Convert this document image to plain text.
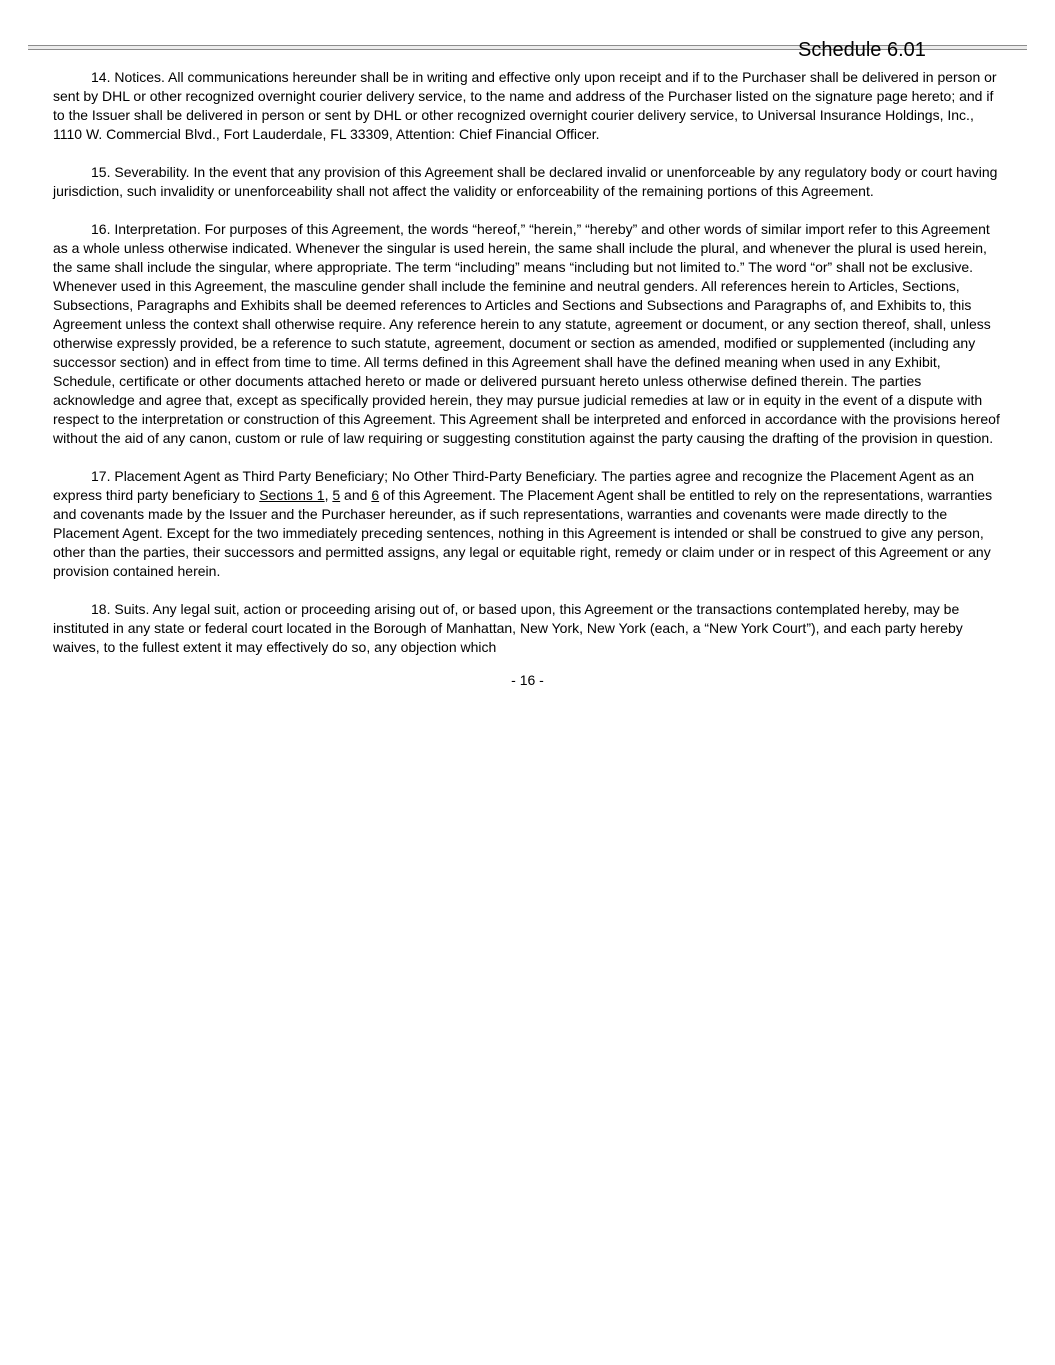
Schedule 6.01

14. Notices. All communications hereunder shall be in writing and effective only upon receipt and if to the Purchaser shall be delivered in person or sent by DHL or other recognized overnight courier delivery service, to the name and address of the Purchaser listed on the signature page hereto; and if to the Issuer shall be delivered in person or sent by DHL or other recognized overnight courier delivery service, to Universal Insurance Holdings, Inc., 1110 W. Commercial Blvd., Fort Lauderdale, FL 33309, Attention: Chief Financial Officer.

15. Severability. In the event that any provision of this Agreement shall be declared invalid or unenforceable by any regulatory body or court having jurisdiction, such invalidity or unenforceability shall not affect the validity or enforceability of the remaining portions of this Agreement.

16. Interpretation. For purposes of this Agreement, the words “hereof,” “herein,” “hereby” and other words of similar import refer to this Agreement as a whole unless otherwise indicated. Whenever the singular is used herein, the same shall include the plural, and whenever the plural is used herein, the same shall include the singular, where appropriate. The term “including” means “including but not limited to.” The word “or” shall not be exclusive. Whenever used in this Agreement, the masculine gender shall include the feminine and neutral genders. All references herein to Articles, Sections, Subsections, Paragraphs and Exhibits shall be deemed references to Articles and Sections and Subsections and Paragraphs of, and Exhibits to, this Agreement unless the context shall otherwise require. Any reference herein to any statute, agreement or document, or any section thereof, shall, unless otherwise expressly provided, be a reference to such statute, agreement, document or section as amended, modified or supplemented (including any successor section) and in effect from time to time. All terms defined in this Agreement shall have the defined meaning when used in any Exhibit, Schedule, certificate or other documents attached hereto or made or delivered pursuant hereto unless otherwise defined therein. The parties acknowledge and agree that, except as specifically provided herein, they may pursue judicial remedies at law or in equity in the event of a dispute with respect to the interpretation or construction of this Agreement. This Agreement shall be interpreted and enforced in accordance with the provisions hereof without the aid of any canon, custom or rule of law requiring or suggesting constitution against the party causing the drafting of the provision in question.

17. Placement Agent as Third Party Beneficiary; No Other Third-Party Beneficiary. The parties agree and recognize the Placement Agent as an express third party beneficiary to Sections 1, 5 and 6 of this Agreement. The Placement Agent shall be entitled to rely on the representations, warranties and covenants made by the Issuer and the Purchaser hereunder, as if such representations, warranties and covenants were made directly to the Placement Agent. Except for the two immediately preceding sentences, nothing in this Agreement is intended or shall be construed to give any person, other than the parties, their successors and permitted assigns, any legal or equitable right, remedy or claim under or in respect of this Agreement or any provision contained herein.

18. Suits. Any legal suit, action or proceeding arising out of, or based upon, this Agreement or the transactions contemplated hereby, may be instituted in any state or federal court located in the Borough of Manhattan, New York, New York (each, a “New York Court”), and each party hereby waives, to the fullest extent it may effectively do so, any objection which

- 16 -
